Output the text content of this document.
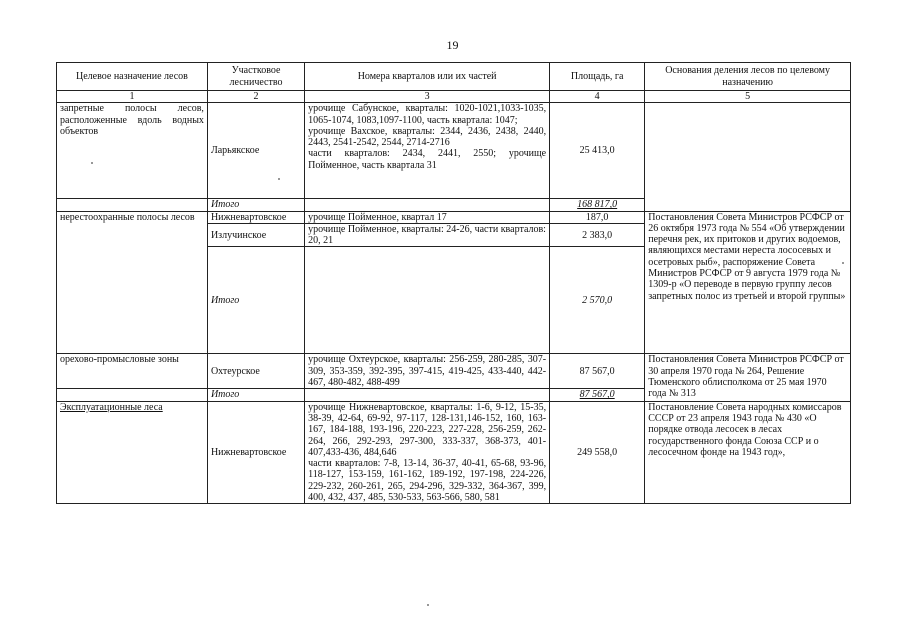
19
Целевое назначение лесов	Участковое лесничество	Номера кварталов или их частей	Площадь, га	Основания деления лесов по целевому назначению
1	2	3	4	5
запретные полосы лесов, расположенные вдоль водных объектов	Ларьякское	урочище Сабунское, кварталы: 1020-1021,1033-1035, 1065-1074, 1083,1097-1100, часть квартала: 1047;
урочище Вахское, кварталы: 2344, 2436, 2438, 2440, 2443, 2541-2542, 2544, 2714-2716
части кварталов: 2434, 2441, 2550; урочище Пойменное, часть квартала 31	25 413,0	
	Итого		168 817,0	
нерестоохранные полосы лесов	Нижневартовское	урочище Пойменное, квартал 17	187,0	Постановления Совета Министров РСФСР от 26 октября 1973 года № 554 «Об утверждении перечня рек, их притоков и других водоемов, являющихся местами нереста лососевых и осетровых рыб», распоряжение Совета Министров РСФСР от 9 августа 1979 года № 1309-р «О переводе в первую группу лесов запретных полос из третьей и второй группы»
	Излучинское	урочище Пойменное, кварталы: 24-26, части кварталов: 20, 21	2 383,0	
	Итого		2 570,0	
орехово-промысловые зоны	Охтеурское	урочище Охтеурское, кварталы: 256-259, 280-285, 307-309, 353-359, 392-395, 397-415, 419-425, 433-440, 442-467, 480-482, 488-499	87 567,0	Постановления Совета Министров РСФСР от 30 апреля 1970 года № 264, Решение Тюменского облисполкома от 25 мая 1970 года № 313
	Итого		87 567,0	
Эксплуатационные леса	Нижневартовское	урочище Нижневартовское, кварталы: 1-6, 9-12, 15-35, 38-39, 42-64, 69-92, 97-117, 128-131,146-152, 160, 163-167, 184-188, 193-196, 220-223, 227-228, 256-259, 262-264, 266, 292-293, 297-300, 333-337, 368-373, 401-407,433-436, 484,646
части кварталов: 7-8, 13-14, 36-37, 40-41, 65-68, 93-96, 118-127, 153-159, 161-162, 189-192, 197-198, 224-226, 229-232, 260-261, 265, 294-296, 329-332, 364-367, 399, 400, 432, 437, 485, 530-533, 563-566, 580, 581	249 558,0	Постановление Совета народных комиссаров СССР от 23 апреля 1943 года № 430 «О порядке отвода лесосек в лесах государственного фонда Союза ССР и о лесосечном фонде на 1943 год»,
